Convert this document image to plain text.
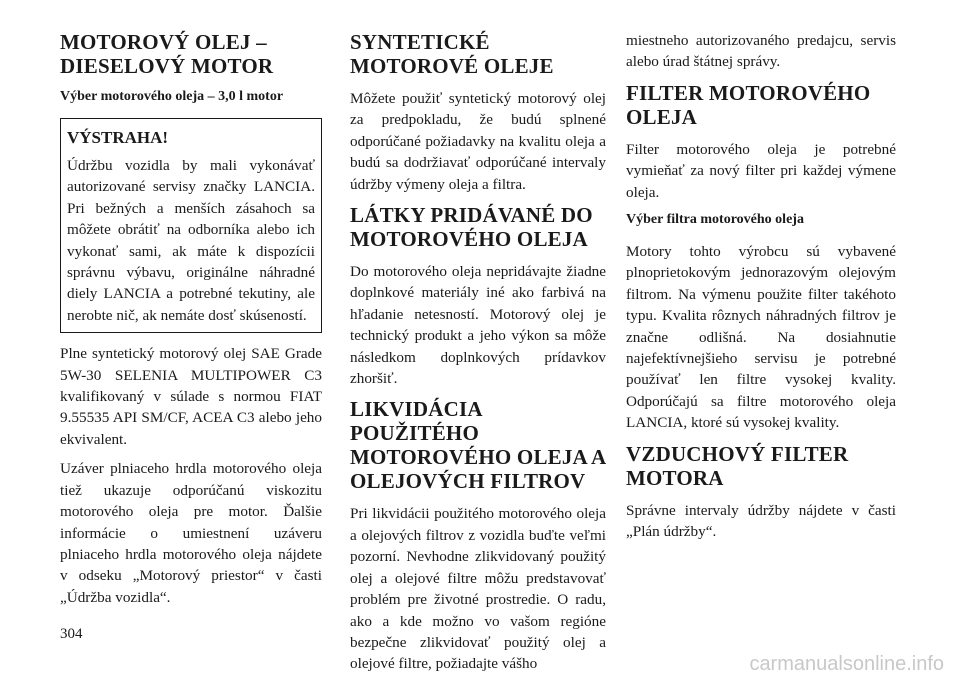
MOTOROVÝ OLEJ – DIESELOVÝ MOTOR
Výber motorového oleja – 3,0 l motor
VÝSTRAHA!

Údržbu vozidla by mali vykonávať autorizované servisy značky LANCIA. Pri bežných a menších zásahoch sa môžete obrátiť na odborníka alebo ich vykonať sami, ak máte k dispozícii správnu výbavu, originálne náhradné diely LANCIA a potrebné tekutiny, ale nerobte nič, ak nemáte dosť skúseností.

Plne syntetický motorový olej SAE Grade 5W-30 SELENIA MULTIPOWER C3 kvalifikovaný v súlade s normou FIAT 9.55535 API SM/CF, ACEA C3 alebo jeho ekvivalent.

Uzáver plniaceho hrdla motorového oleja tiež ukazuje odporúčanú viskozitu motorového oleja pre motor. Ďalšie informácie o umiestnení uzáveru plniaceho hrdla motorového oleja nájdete v odseku „Motorový priestor“ v časti „Údržba vozidla“.

SYNTETICKÉ MOTOROVÉ OLEJE

Môžete použiť syntetický motorový olej za predpokladu, že budú splnené odporúčané požiadavky na kvalitu oleja a budú sa dodržiavať odporúčané intervaly údržby výmeny oleja a filtra.

LÁTKY PRIDÁVANÉ DO MOTOROVÉHO OLEJA

Do motorového oleja nepridávajte žiadne doplnkové materiály iné ako farbivá na hľadanie netesností. Motorový olej je technický produkt a jeho výkon sa môže následkom doplnkových prídavkov zhoršiť.

LIKVIDÁCIA POUŽITÉHO MOTOROVÉHO OLEJA A OLEJOVÝCH FILTROV

Pri likvidácii použitého motorového oleja a olejových filtrov z vozidla buďte veľmi pozorní. Nevhodne zlikvidovaný použitý olej a olejové filtre môžu predstavovať problém pre životné prostredie. O radu, ako a kde možno vo vašom regióne bezpečne zlikvidovať použitý olej a olejové filtre, požiadajte vášho

miestneho autorizovaného predajcu, servis alebo úrad štátnej správy.

FILTER MOTOROVÉHO OLEJA

Filter motorového oleja je potrebné vymieňať za nový filter pri každej výmene oleja.

Výber filtra motorového oleja

Motory tohto výrobcu sú vybavené plnoprietokovým jednorazovým olejovým filtrom. Na výmenu použite filter takéhoto typu. Kvalita rôznych náhradných filtrov je značne odlišná. Na dosiahnutie najefektívnejšieho servisu je potrebné používať len filtre vysokej kvality. Odporúčajú sa filtre motorového oleja LANCIA, ktoré sú vysokej kvality.

VZDUCHOVÝ FILTER MOTORA

Správne intervaly údržby nájdete v časti „Plán údržby“.

304
carmanualsonline.info
